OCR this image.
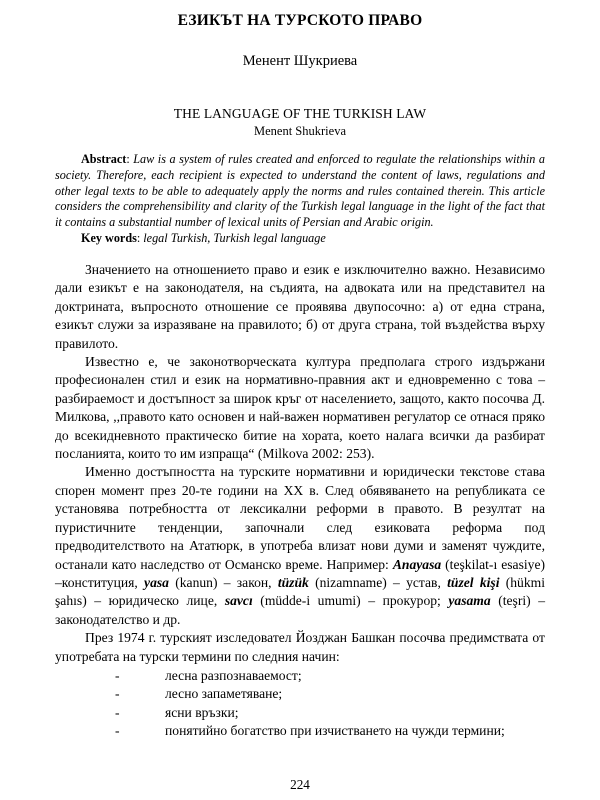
ЕЗИКЪТ НА ТУРСКОТО ПРАВО
Менент Шукриева
THE LANGUAGE OF THE TURKISH LAW
Menent Shukrieva

Abstract: Law is a system of rules created and enforced to regulate the relationships within a society. Therefore, each recipient is expected to understand the content of laws, regulations and other legal texts to be able to adequately apply the norms and rules contained therein. This article considers the comprehensibility and clarity of the Turkish legal language in the light of the fact that it contains a substantial number of lexical units of Persian and Arabic origin.

Key words: legal Turkish, Turkish legal language

Значението на отношението право и език е изключително важно. Независимо дали езикът е на законодателя, на съдията, на адвоката или на представител на доктрината, въпросното отношение се проявява двупосочно: а) от една страна, езикът служи за изразяване на правилото; б) от друга страна, той въздейства върху правилото.

Известно е, че законотворческата култура предполага строго издържани професионален стил и език на нормативно-правния акт и едновременно с това – разбираемост и достъпност за широк кръг от населението, защото, както посочва Д. Милкова, ,,правото като основен и най-важен нормативен регулатор се отнася пряко до всекидневното практическо битие на хората, което налага всички да разбират посланията, които то им изпраща“ (Milkova 2002: 253).

Именно достъпността на турските нормативни и юридически текстове става спорен момент през 20-те години на ХХ в. След обявяването на републиката се установява потребността от лексикални реформи в правото. В резултат на пуристичните тенденции, започнали след езиковата реформа под предводителството на Ататюрк, в употреба влизат нови думи и заменят чуждите, останали като наследство от Османско време. Например: Anayasa (teşkilat-ı esasiye) –конституция, yasa (kanun) – закон, tüzük (nizamname) – устав, tüzel kişi (hükmi şahıs) – юридическо лице, savcı (müdde-i umumi) – прокурор; yasama (teşri) – законодателство и др.

През 1974 г. турският изследовател Йозджан Башкан посочва предимствата от употребата на турски термини по следния начин:

-	лесна разпознаваемост;
-	лесно запаметяване;
-	ясни връзки;
-	понятийно богатство при изчистването на чужди термини;
224
